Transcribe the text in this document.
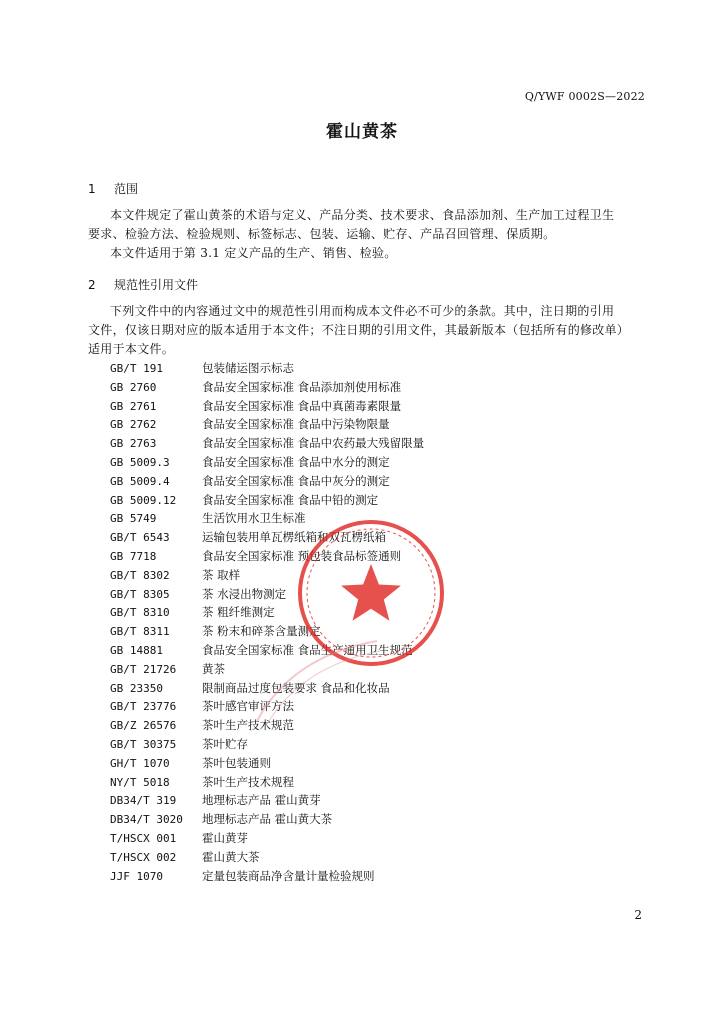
Q/YWF 0002S—2022
霍山黄茶
1 范围
本文件规定了霍山黄茶的术语与定义、产品分类、技术要求、食品添加剂、生产加工过程卫生
要求、检验方法、检验规则、标签标志、包装、运输、贮存、产品召回管理、保质期。
本文件适用于第 3.1 定义产品的生产、销售、检验。
2 规范性引用文件
下列文件中的内容通过文中的规范性引用而构成本文件必不可少的条款。其中，注日期的引用
文件，仅该日期对应的版本适用于本文件；不注日期的引用文件，其最新版本（包括所有的修改单）
适用于本文件。
GB/T 191	包装储运图示标志
GB 2760	食品安全国家标准 食品添加剂使用标准
GB 2761	食品安全国家标准 食品中真菌毒素限量
GB 2762	食品安全国家标准 食品中污染物限量
GB 2763	食品安全国家标准 食品中农药最大残留限量
GB 5009.3	食品安全国家标准 食品中水分的测定
GB 5009.4	食品安全国家标准 食品中灰分的测定
GB 5009.12 食品安全国家标准 食品中铅的测定
GB 5749	生活饮用水卫生标准
GB/T 6543	运输包装用单瓦楞纸箱和双瓦楞纸箱
GB 7718	食品安全国家标准 预包装食品标签通则
GB/T 8302	茶 取样
GB/T 8305	茶 水浸出物测定
GB/T 8310	茶 粗纤维测定
GB/T 8311	茶 粉末和碎茶含量测定
GB 14881	食品安全国家标准 食品生产通用卫生规范
GB/T 21726 黄茶
GB 23350	限制商品过度包装要求 食品和化妆品
GB/T 23776 茶叶感官审评方法
GB/Z 26576 茶叶生产技术规范
GB/T 30375 茶叶贮存
GH/T 1070	茶叶包装通则
NY/T 5018	茶叶生产技术规程
DB34/T 319 地理标志产品 霍山黄芽
DB34/T 3020 地理标志产品 霍山黄大茶
T/HSCX 001 霍山黄芽
T/HSCX 002 霍山黄大茶
JJF 1070	定量包装商品净含量计量检验规则
2
